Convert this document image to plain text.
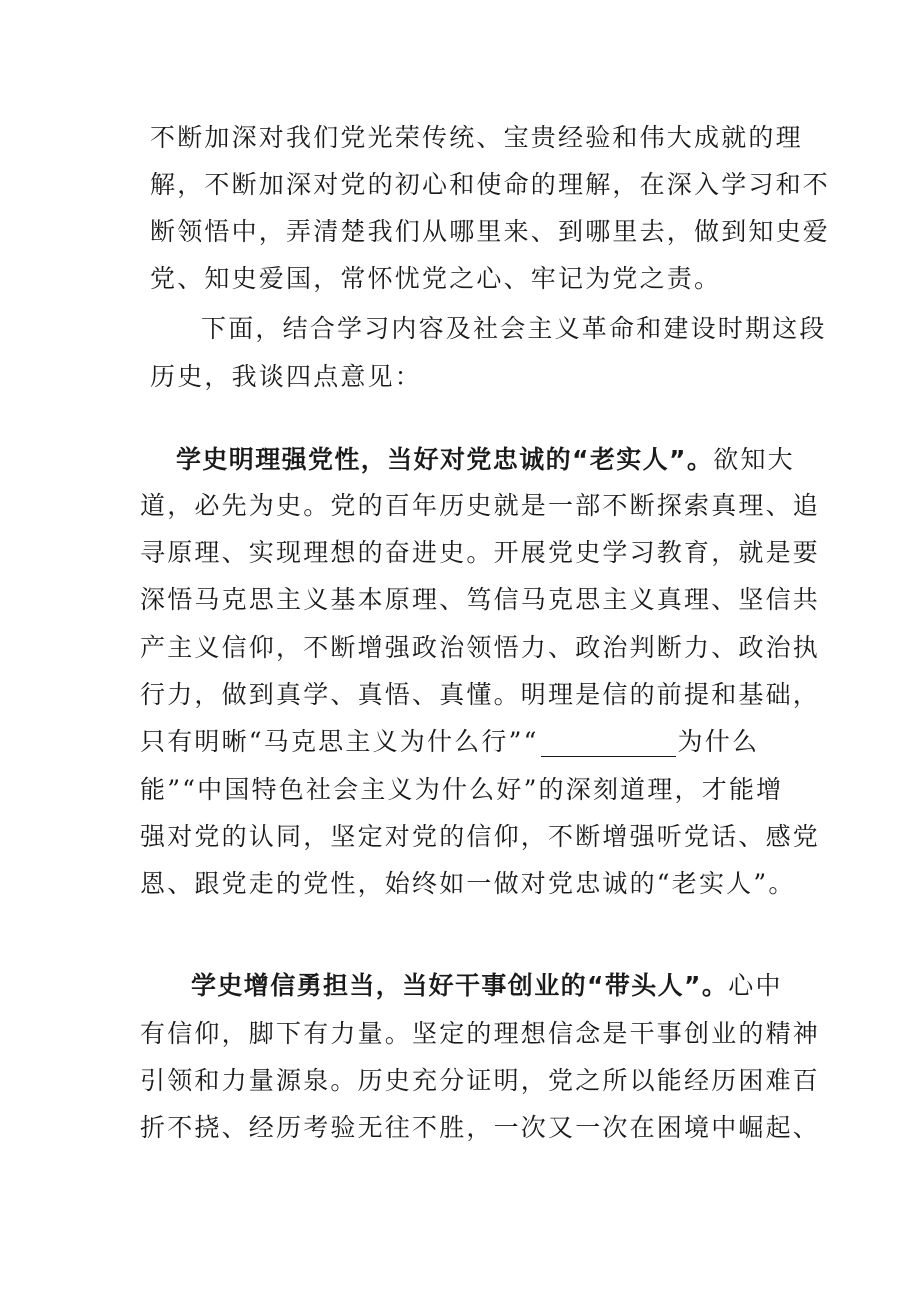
不断加深对我们党光荣传统、宝贵经验和伟大成就的理
解，不断加深对党的初心和使命的理解，在深入学习和不
断领悟中，弄清楚我们从哪里来、到哪里去，做到知史爱
党、知史爱国，常怀忧党之心、牢记为党之责。
下面，结合学习内容及社会主义革命和建设时期这段
历史，我谈四点意见：
学史明理强党性，当好对党忠诚的“老实人”。欲知大
道，必先为史。党的百年历史就是一部不断探索真理、追
寻原理、实现理想的奋进史。开展党史学习教育，就是要
深悟马克思主义基本原理、笃信马克思主义真理、坚信共
产主义信仰，不断增强政治领悟力、政治判断力、政治执
行力，做到真学、真悟、真懂。明理是信的前提和基础，
只有明晰“马克思主义为什么行”“	为什么
能”“中国特色社会主义为什么好”的深刻道理，才能增
强对党的认同，坚定对党的信仰，不断增强听党话、感党
恩、跟党走的党性，始终如一做对党忠诚的“老实人”。
学史增信勇担当，当好干事创业的“带头人”。心中
有信仰，脚下有力量。坚定的理想信念是干事创业的精神
引领和力量源泉。历史充分证明，党之所以能经历困难百
折不挠、经历考验无往不胜，一次又一次在困境中崛起、
